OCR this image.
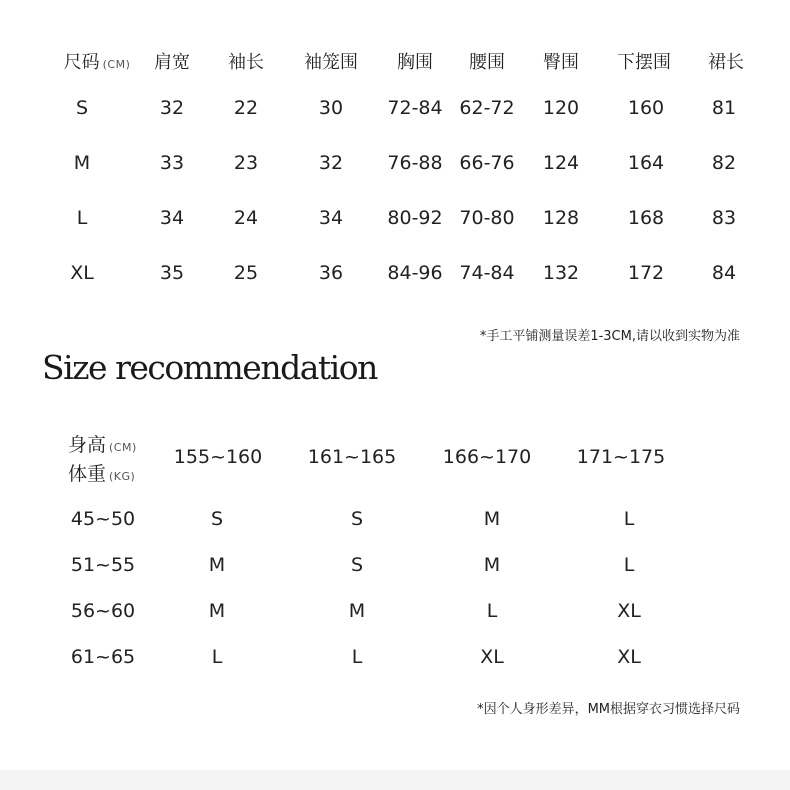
尺码 (CM) 肩宽 袖长 袖笼围 胸围 腰围 臀围 下摆围 裙长
S	32	22	30 72-84 62-72 120	160	81
M	33	23	32 76-88 66-76 124	164	82
L	34	24	34 80-92 70-80 128	168	83
XL	35	25	36 84-96 74-84 132	172	84
*手工平铺测量误差1-3CM,请以收到实物为准
Size recommendation
身高 (CM)
体重 (KG)
155~160 161~165 166~170 171~175
45~50	S	S	M	L
51~55	M	S	M	L
56~60	M	M	L	XL
61~65	L	L	XL	XL
*因个人身形差异，MM根据穿衣习惯选择尺码
